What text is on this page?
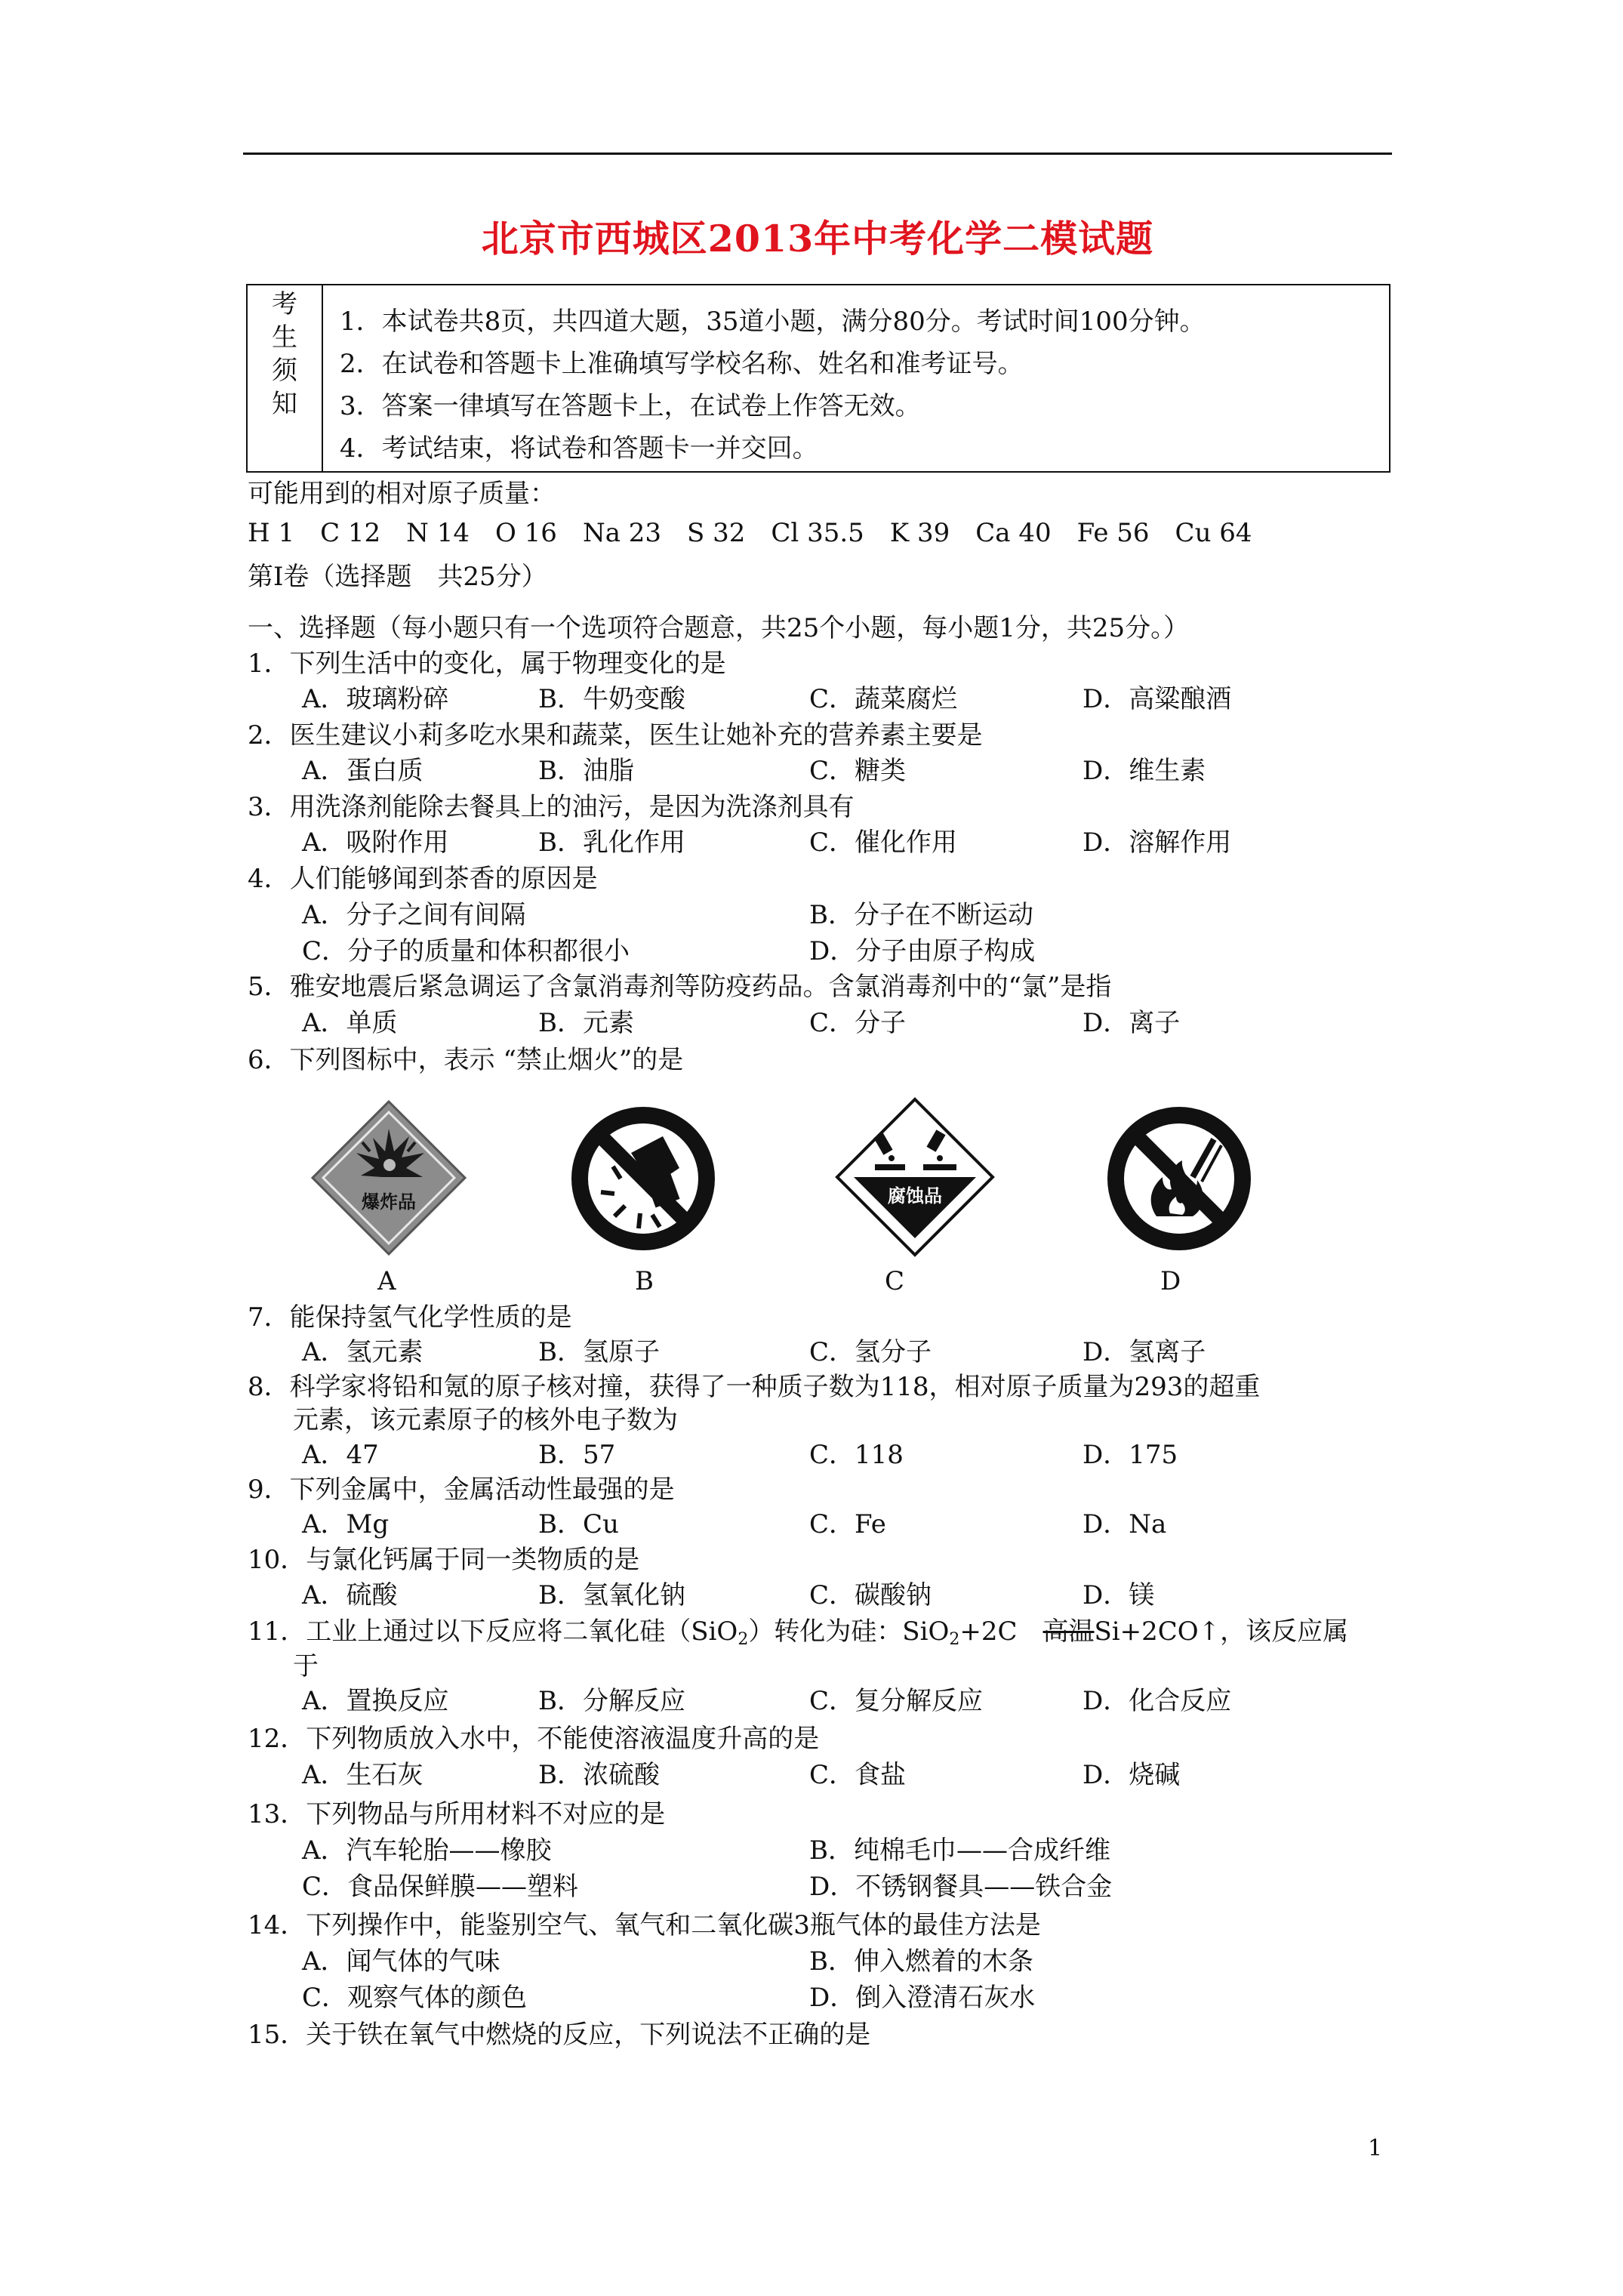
北京市西城区2013年中考化学二模试题
考
生
须
知
1．本试卷共8页，共四道大题，35道小题，满分80分。考试时间100分钟。
2．在试卷和答题卡上准确填写学校名称、姓名和准考证号。
3．答案一律填写在答题卡上，在试卷上作答无效。
4．考试结束，将试卷和答题卡一并交回。
可能用到的相对原子质量：
H 1　C 12　N 14　O 16　Na 23　S 32　Cl 35.5　K 39　Ca 40　Fe 56　Cu 64
第Ⅰ卷（选择题　共25分）
一、选择题（每小题只有一个选项符合题意，共25个小题，每小题1分，共25分。）
1．下列生活中的变化，属于物理变化的是
A．玻璃粉碎	B．牛奶变酸	C．蔬菜腐烂	D．高粱酿酒
2．医生建议小莉多吃水果和蔬菜，医生让她补充的营养素主要是
A．蛋白质	B．油脂	C．糖类	D．维生素
3．用洗涤剂能除去餐具上的油污，是因为洗涤剂具有
A．吸附作用	B．乳化作用	C．催化作用	D．溶解作用
4．人们能够闻到茶香的原因是
A．分子之间有间隔	B．分子在不断运动
C．分子的质量和体积都很小	D．分子由原子构成
5．雅安地震后紧急调运了含氯消毒剂等防疫药品。含氯消毒剂中的“氯”是指
A．单质	B．元素	C．分子	D．离子
6．下列图标中，表示 “禁止烟火”的是
爆炸品	腐蚀品
A	B	C	D
7．能保持氢气化学性质的是
A．氢元素	B．氢原子	C．氢分子	D．氢离子
8．科学家将铅和氪的原子核对撞，获得了一种质子数为118，相对原子质量为293的超重
元素，该元素原子的核外电子数为
A．47	B．57	C．118	D．175
9．下列金属中，金属活动性最强的是
A．Mg	B．Cu	C．Fe	D．Na
10．与氯化钙属于同一类物质的是
A．硫酸	B．氢氧化钠	C．碳酸钠	D．镁
11．工业上通过以下反应将二氧化硅（SiO$_2$）转化为硅：SiO$_2$+2C　高温Si+2CO↑，该反应属
于
A．置换反应	B．分解反应	C．复分解反应	D．化合反应
12．下列物质放入水中，不能使溶液温度升高的是
A．生石灰	B．浓硫酸	C．食盐	D．烧碱
13．下列物品与所用材料不对应的是
A．汽车轮胎——橡胶	B．纯棉毛巾——合成纤维
C．食品保鲜膜——塑料	D．不锈钢餐具——铁合金
14．下列操作中，能鉴别空气、氧气和二氧化碳3瓶气体的最佳方法是
A．闻气体的气味	B．伸入燃着的木条
C．观察气体的颜色	D．倒入澄清石灰水
15．关于铁在氧气中燃烧的反应，下列说法不正确的是
1
